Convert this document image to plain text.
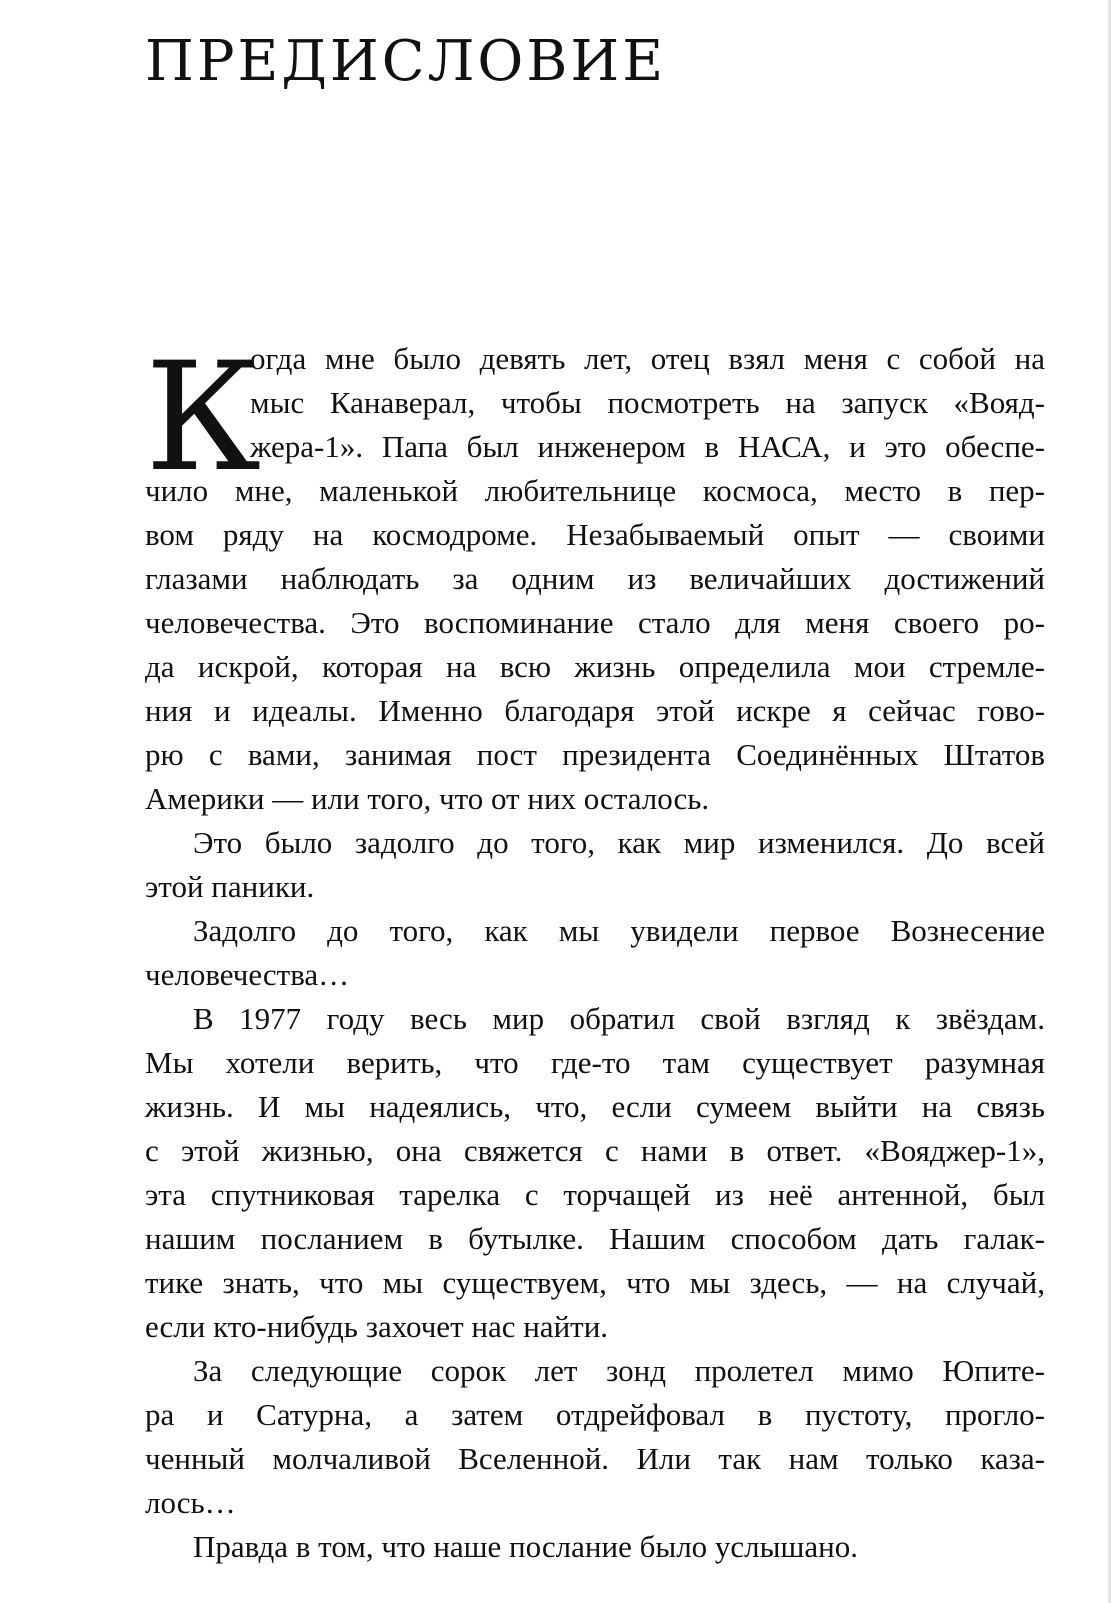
ПРЕДИСЛОВИЕ
К
огда мне было девять лет, отец взял меня с собой на
мыс Канаверал, чтобы посмотреть на запуск «Вояд-
жера-1». Папа был инженером в НАСА, и это обеспе-
чило мне, маленькой любительнице космоса, место в пер-
вом ряду на космодроме. Незабываемый опыт — своими
глазами наблюдать за одним из величайших достижений
человечества. Это воспоминание стало для меня своего ро-
да искрой, которая на всю жизнь определила мои стремле-
ния и идеалы. Именно благодаря этой искре я сейчас гово-
рю с вами, занимая пост президента Соединённых Штатов
Америки — или того, что от них осталось.
Это было задолго до того, как мир изменился. До всей
этой паники.
Задолго до того, как мы увидели первое Вознесение
человечества…
В 1977 году весь мир обратил свой взгляд к звёздам.
Мы хотели верить, что где-то там существует разумная
жизнь. И мы надеялись, что, если сумеем выйти на связь
с этой жизнью, она свяжется с нами в ответ. «Вояджер-1»,
эта спутниковая тарелка с торчащей из неё антенной, был
нашим посланием в бутылке. Нашим способом дать галак-
тике знать, что мы существуем, что мы здесь, — на случай,
если кто-нибудь захочет нас найти.
За следующие сорок лет зонд пролетел мимо Юпите-
ра и Сатурна, а затем отдрейфовал в пустоту, прогло-
ченный молчаливой Вселенной. Или так нам только каза-
лось…
Правда в том, что наше послание было услышано.
